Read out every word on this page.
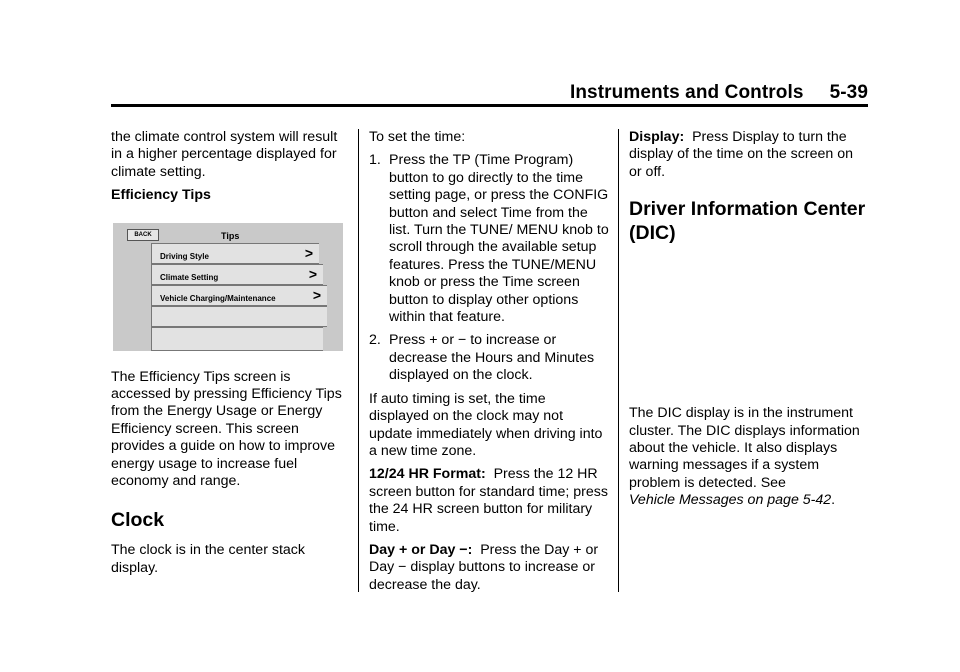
Instruments and Controls 5-39

the climate control system will result in a higher percentage displayed for climate setting.

Efficiency Tips

BACK	Tips
Driving Style	>
Climate Setting	>
Vehicle Charging/Maintenance	>

The Efficiency Tips screen is accessed by pressing Efficiency Tips from the Energy Usage or Energy Efficiency screen. This screen provides a guide on how to improve energy usage to increase fuel economy and range.

Clock

The clock is in the center stack display.

To set the time:

1. Press the TP (Time Program) button to go directly to the time setting page, or press the CONFIG button and select Time from the list. Turn the TUNE/ MENU knob to scroll through the available setup features. Press the TUNE/MENU knob or press the Time screen button to display other options within that feature.
2. Press + or − to increase or decrease the Hours and Minutes displayed on the clock.

If auto timing is set, the time displayed on the clock may not update immediately when driving into a new time zone.

12/24 HR Format: Press the 12 HR screen button for standard time; press the 24 HR screen button for military time.

Day + or Day −: Press the Day + or Day − display buttons to increase or decrease the day.

Display: Press Display to turn the display of the time on the screen on or off.

Driver Information Center (DIC)

The DIC display is in the instrument cluster. The DIC displays information about the vehicle. It also displays warning messages if a system problem is detected. See
Vehicle Messages on page 5-42.
